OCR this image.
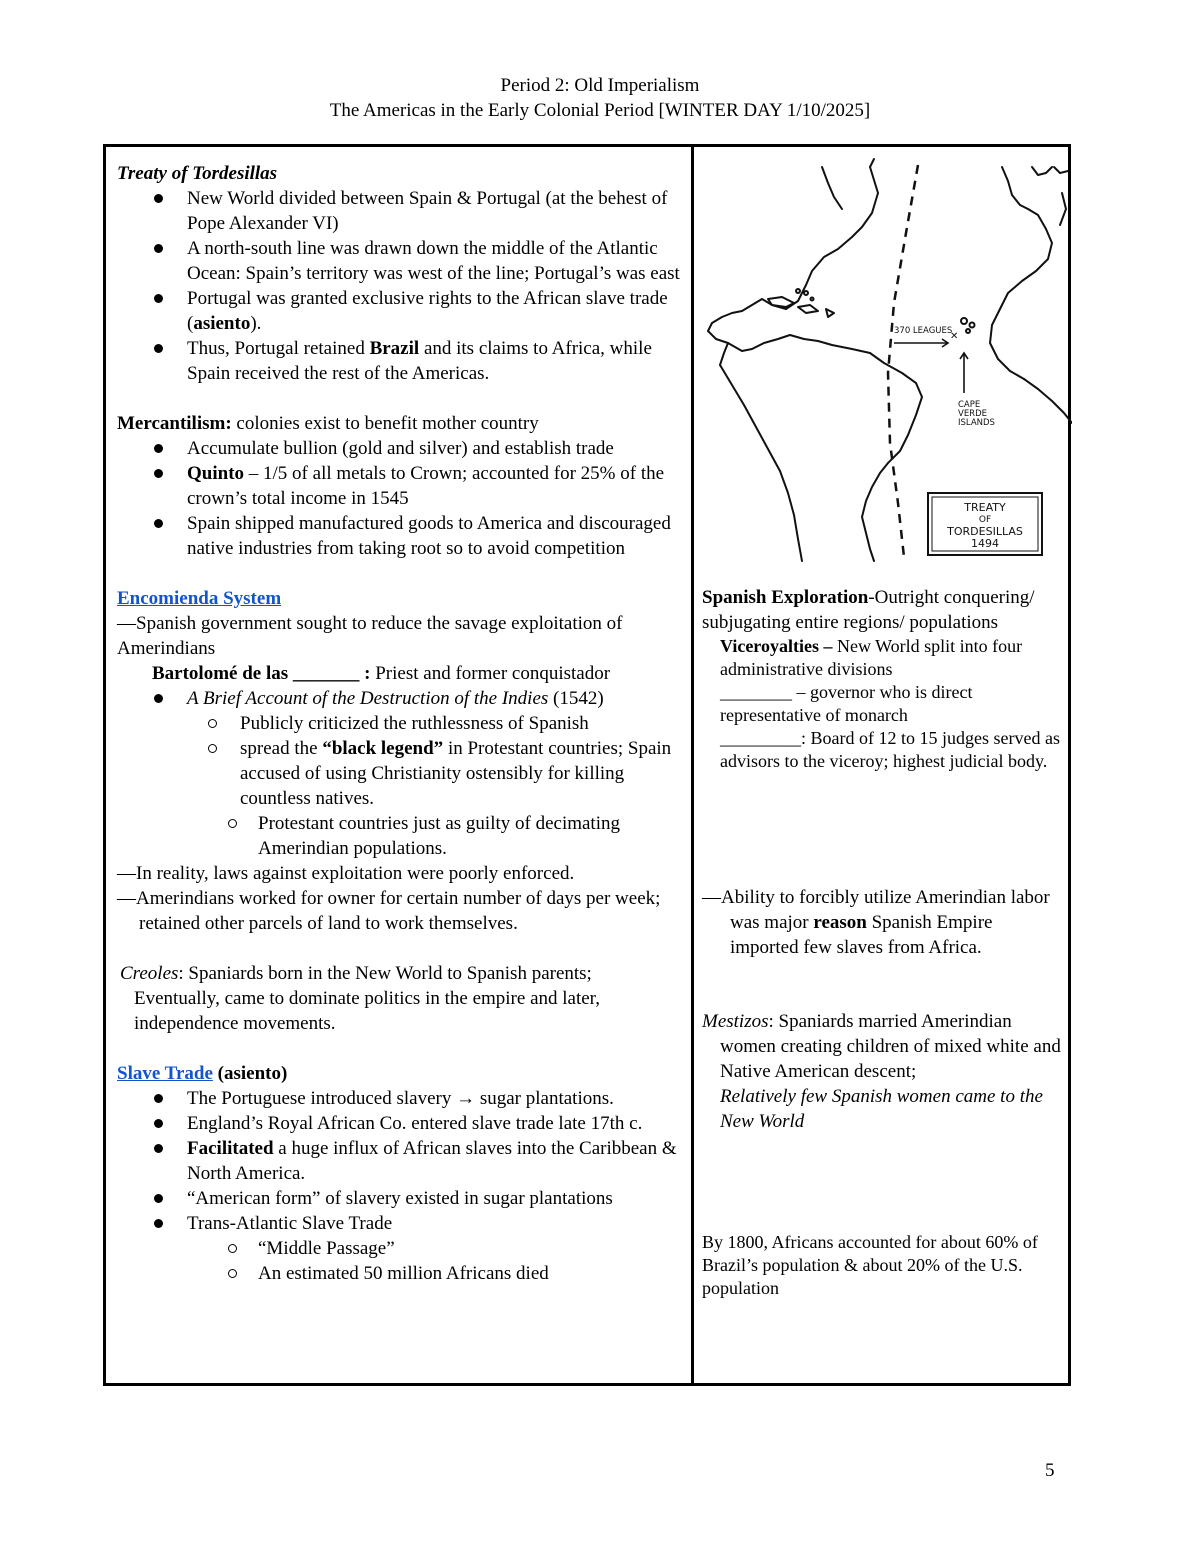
Period 2: Old Imperialism
The Americas in the Early Colonial Period [WINTER DAY 1/10/2025]

Treaty of Tordesillas

New World divided between Spain & Portugal (at the behest of Pope Alexander VI)
A north-south line was drawn down the middle of the Atlantic Ocean: Spain’s territory was west of the line; Portugal’s was east
Portugal was granted exclusive rights to the African slave trade (asiento).
Thus, Portugal retained Brazil and its claims to Africa, while Spain received the rest of the Americas.

Mercantilism: colonies exist to benefit mother country

Accumulate bullion (gold and silver) and establish trade
Quinto – 1/5 of all metals to Crown; accounted for 25% of the crown’s total income in 1545
Spain shipped manufactured goods to America and discouraged native industries from taking root so to avoid competition

Encomienda System

—Spanish government sought to reduce the savage exploitation of Amerindians

Bartolomé de las _______ : Priest and former conquistador

A Brief Account of the Destruction of the Indies (1542)
Publicly criticized the ruthlessness of Spanish
spread the “black legend” in Protestant countries; Spain accused of using Christianity ostensibly for killing countless natives.
Protestant countries just as guilty of decimating Amerindian populations.

—In reality, laws against exploitation were poorly enforced.

—Amerindians worked for owner for certain number of days per week; retained other parcels of land to work themselves.

Creoles: Spaniards born in the New World to Spanish parents; Eventually, came to dominate politics in the empire and later, independence movements.

Slave Trade (asiento)

The Portuguese introduced slavery → sugar plantations.
England’s Royal African Co. entered slave trade late 17th c.
Facilitated a huge influx of African slaves into the Caribbean & North America.
“American form” of slavery existed in sugar plantations
Trans-Atlantic Slave Trade
“Middle Passage”
An estimated 50 million Africans died
370 LEAGUES
✕
CAPE
VERDE
ISLANDS
TREATY
OF
TORDESILLAS
1494

Spanish Exploration-Outright conquering/ subjugating entire regions/ populations

Viceroyalties – New World split into four administrative divisions

________ – governor who is direct representative of monarch

_________: Board of 12 to 15 judges served as advisors to the viceroy; highest judicial body.

—Ability to forcibly utilize Amerindian labor was major reason Spanish Empire imported few slaves from Africa.

Mestizos: Spaniards married Amerindian women creating children of mixed white and Native American descent;

Relatively few Spanish women came to the New World

By 1800, Africans accounted for about 60% of Brazil’s population & about 20% of the U.S. population

5
